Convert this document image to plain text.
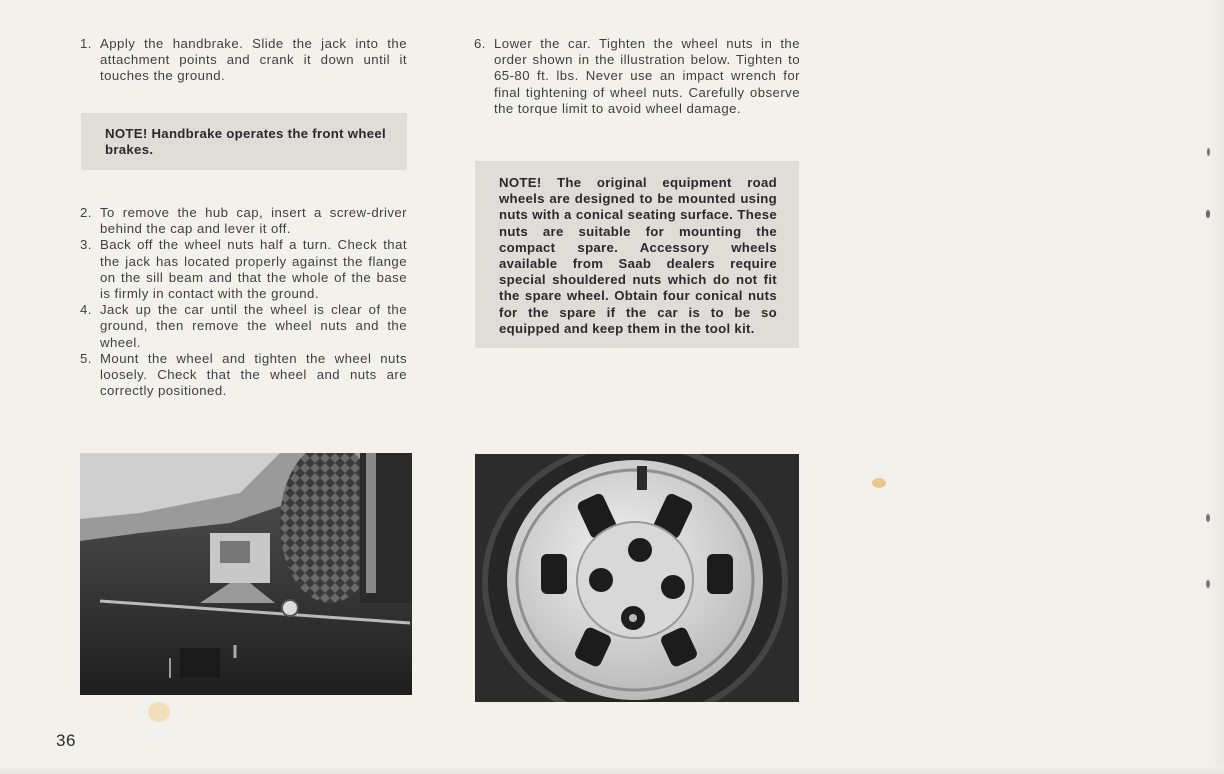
1. Apply the handbrake. Slide the jack into the attachment points and crank it down until it touches the ground.
NOTE! Handbrake operates the front wheel brakes.
2. To remove the hub cap, insert a screw-driver behind the cap and lever it off.
3. Back off the wheel nuts half a turn. Check that the jack has located properly against the flange on the sill beam and that the whole of the base is firmly in contact with the ground.
4. Jack up the car until the wheel is clear of the ground, then remove the wheel nuts and the wheel.
5. Mount the wheel and tighten the wheel nuts loosely. Check that the wheel and nuts are correctly positioned.
6. Lower the car. Tighten the wheel nuts in the order shown in the illustration below. Tighten to 65-80 ft. lbs. Never use an impact wrench for final tightening of wheel nuts. Carefully observe the torque limit to avoid wheel damage.
NOTE! The original equipment road wheels are designed to be mounted using nuts with a conical seating surface. These nuts are suitable for mounting the compact spare. Accessory wheels available from Saab dealers require special shouldered nuts which do not fit the spare wheel. Obtain four conical nuts for the spare if the car is to be so equipped and keep them in the tool kit.
36
